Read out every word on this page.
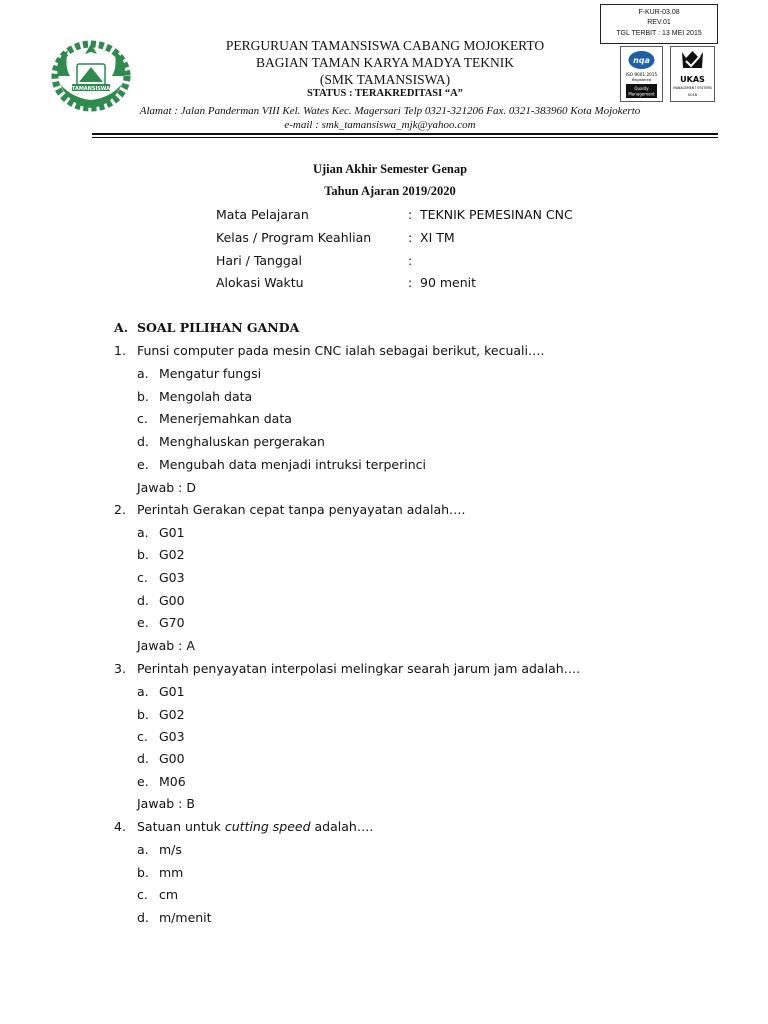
F-KUR-03.08
REV.01
TGL TERBIT : 13 MEI 2015
TAMANSISWA
nqa
ISO 9001:2015
Registered
Quality
Management
UKAS
MANAGEMENT SYSTEMS
0016
PERGURUAN TAMANSISWA CABANG MOJOKERTO
BAGIAN TAMAN KARYA MADYA TEKNIK
(SMK TAMANSISWA)
STATUS : TERAKREDITASI “A”
Alamat : Jalan Panderman VIII Kel. Wates Kec. Magersari Telp 0321-321206 Fax. 0321-383960 Kota Mojokerto
e-mail : smk_tamansiswa_mjk@yahoo.com
Ujian Akhir Semester Genap
Tahun Ajaran 2019/2020
Mata Pelajaran	: TEKNIK PEMESINAN CNC
Kelas / Program Keahlian	: XI TM
Hari / Tanggal	:
Alokasi Waktu	: 90 menit
A. SOAL PILIHAN GANDA
1. Funsi computer pada mesin CNC ialah sebagai berikut, kecuali….
a. Mengatur fungsi
b. Mengolah data
c. Menerjemahkan data
d. Menghaluskan pergerakan
e. Mengubah data menjadi intruksi terperinci
Jawab : D
2. Perintah Gerakan cepat tanpa penyayatan adalah….
a. G01
b. G02
c. G03
d. G00
e. G70
Jawab : A
3. Perintah penyayatan interpolasi melingkar searah jarum jam adalah….
a. G01
b. G02
c. G03
d. G00
e. M06
Jawab : B
4. Satuan untuk cutting speed adalah….
a. m/s
b. mm
c. cm
d. m/menit
